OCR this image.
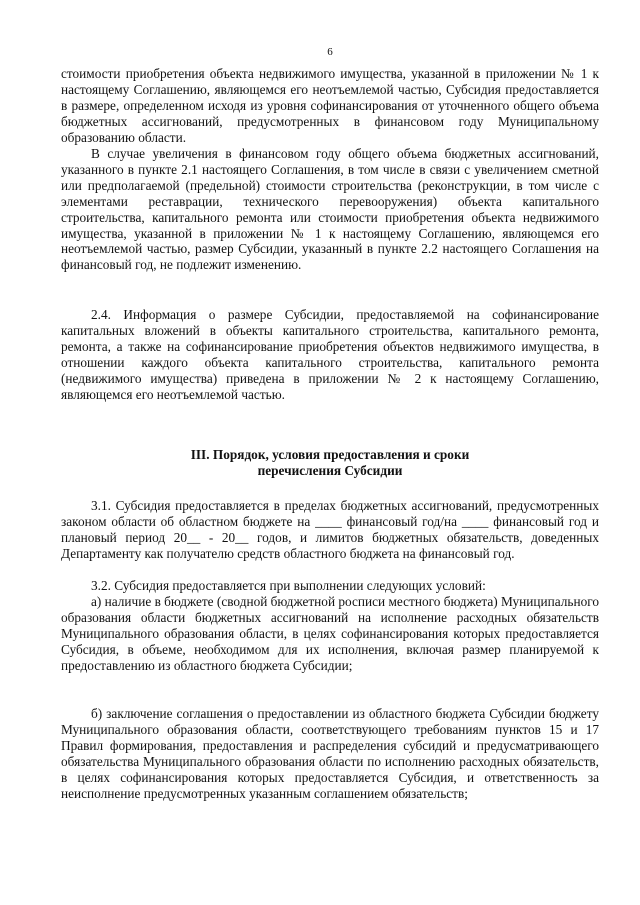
6

стоимости приобретения объекта недвижимого имущества, указанной в приложении № 1 к настоящему Соглашению, являющемся его неотъемлемой частью, Субсидия предоставляется в размере, определенном исходя из уровня софинансирования от уточненного общего объема бюджетных ассигнований, предусмотренных в финансовом году Муниципальному образованию области.

В случае увеличения в финансовом году общего объема бюджетных ассигнований, указанного в пункте 2.1 настоящего Соглашения, в том числе в связи с увеличением сметной или предполагаемой (предельной) стоимости строительства (реконструкции, в том числе с элементами реставрации, технического перевооружения) объекта капитального строительства, капитального ремонта или стоимости приобретения объекта недвижимого имущества, указанной в приложении № 1 к настоящему Соглашению, являющемся его неотъемлемой частью, размер Субсидии, указанный в пункте 2.2 настоящего Соглашения на финансовый год, не подлежит изменению.

2.4. Информация о размере Субсидии, предоставляемой на софинансирование капитальных вложений в объекты капитального строительства, капитального ремонта, ремонта, а также на софинансирование приобретения объектов недвижимого имущества, в отношении каждого объекта капитального строительства, капитального ремонта (недвижимого имущества) приведена в приложении № 2 к настоящему Соглашению, являющемся его неотъемлемой частью.

III. Порядок, условия предоставления и сроки
перечисления Субсидии

3.1. Субсидия предоставляется в пределах бюджетных ассигнований, предусмотренных законом области об областном бюджете на ____ финансовый год/на ____ финансовый год и плановый период 20__ - 20__ годов, и лимитов бюджетных обязательств, доведенных Департаменту как получателю средств областного бюджета на финансовый год.

3.2. Субсидия предоставляется при выполнении следующих условий:

а) наличие в бюджете (сводной бюджетной росписи местного бюджета) Муниципального образования области бюджетных ассигнований на исполнение расходных обязательств Муниципального образования области, в целях софинансирования которых предоставляется Субсидия, в объеме, необходимом для их исполнения, включая размер планируемой к предоставлению из областного бюджета Субсидии;

б) заключение соглашения о предоставлении из областного бюджета Субсидии бюджету Муниципального образования области, соответствующего требованиям пунктов 15 и 17 Правил формирования, предоставления и распределения субсидий и предусматривающего обязательства Муниципального образования области по исполнению расходных обязательств, в целях софинансирования которых предоставляется Субсидия, и ответственность за неисполнение предусмотренных указанным соглашением обязательств;
